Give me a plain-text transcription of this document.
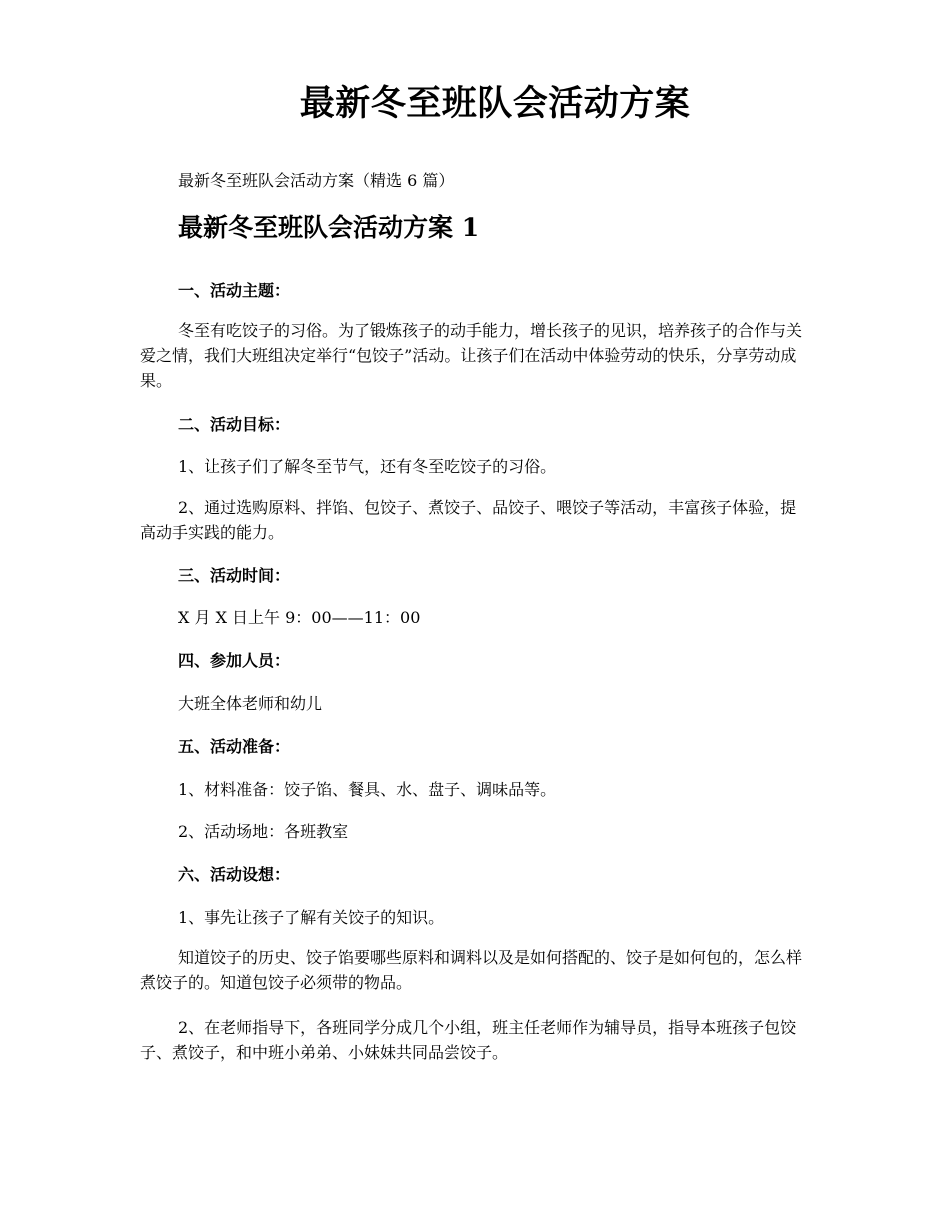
最新冬至班队会活动方案
最新冬至班队会活动方案（精选 6 篇）
最新冬至班队会活动方案 1
一、活动主题：

冬至有吃饺子的习俗。为了锻炼孩子的动手能力，增长孩子的见识，培养孩子的合作与关爱之情，我们大班组决定举行“包饺子”活动。让孩子们在活动中体验劳动的快乐，分享劳动成果。

二、活动目标：
1、让孩子们了解冬至节气，还有冬至吃饺子的习俗。

2、通过选购原料、拌馅、包饺子、煮饺子、品饺子、喂饺子等活动，丰富孩子体验，提高动手实践的能力。

三、活动时间：
X 月 X 日上午 9：00——11：00
四、参加人员：
大班全体老师和幼儿
五、活动准备：
1、材料准备：饺子馅、餐具、水、盘子、调味品等。
2、活动场地：各班教室
六、活动设想：
1、事先让孩子了解有关饺子的知识。

知道饺子的历史、饺子馅要哪些原料和调料以及是如何搭配的、饺子是如何包的，怎么样煮饺子的。知道包饺子必须带的物品。

2、在老师指导下，各班同学分成几个小组，班主任老师作为辅导员，指导本班孩子包饺子、煮饺子，和中班小弟弟、小妹妹共同品尝饺子。
